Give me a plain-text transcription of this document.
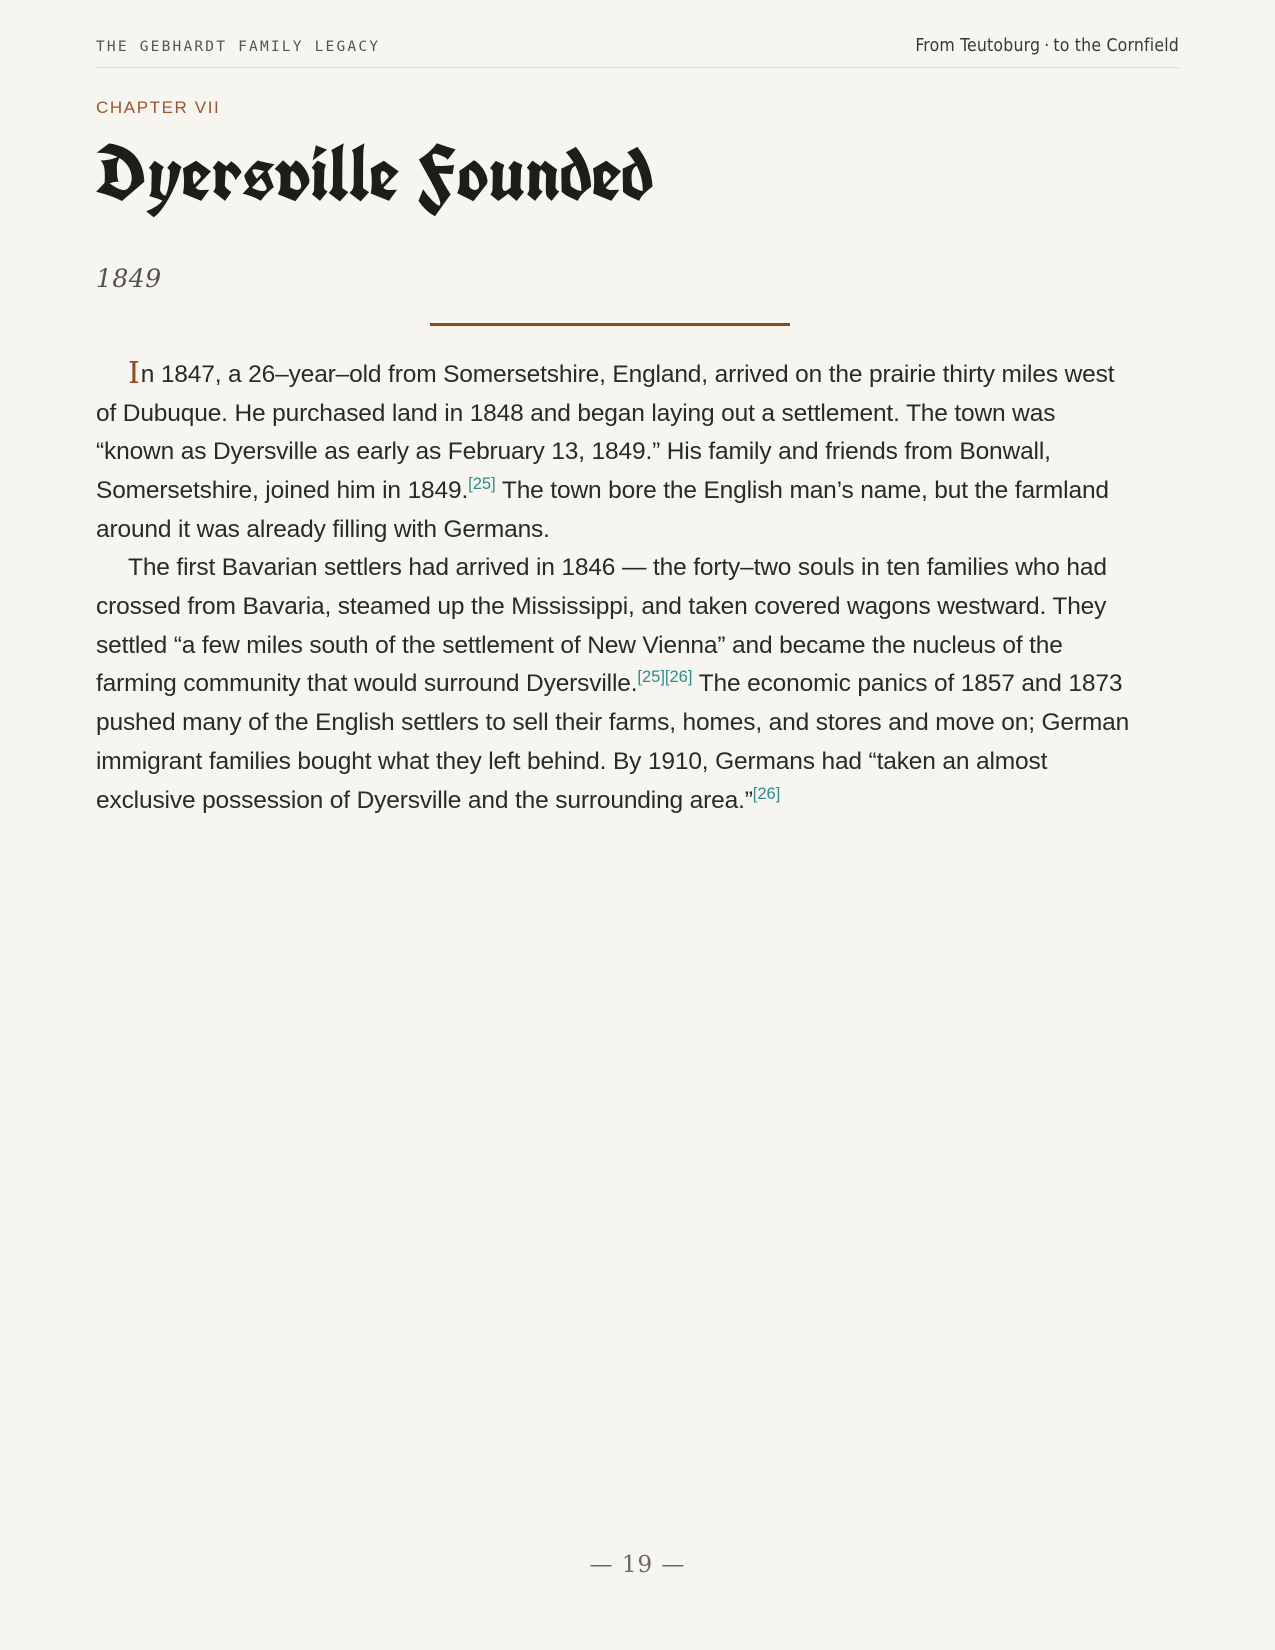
THE GEBHARDT FAMILY LEGACY	From Teutoburg · to the Cornfield
CHAPTER VII
Dyersville Founded
1849

In 1847, a 26–year–old from Somersetshire, England, arrived on the prairie thirty miles west of Dubuque. He purchased land in 1848 and began laying out a settlement. The town was “known as Dyersville as early as February 13, 1849.” His family and friends from Bonwall, Somersetshire, joined him in 1849.[25] The town bore the English man’s name, but the farmland around it was already filling with Germans.

The first Bavarian settlers had arrived in 1846 — the forty–two souls in ten families who had crossed from Bavaria, steamed up the Mississippi, and taken covered wagons westward. They settled “a few miles south of the settlement of New Vienna” and became the nucleus of the farming community that would surround Dyersville.[25][26] The economic panics of 1857 and 1873 pushed many of the English settlers to sell their farms, homes, and stores and move on; German immigrant families bought what they left behind. By 1910, Germans had “taken an almost exclusive possession of Dyersville and the surrounding area.”[26]

— 19 —
